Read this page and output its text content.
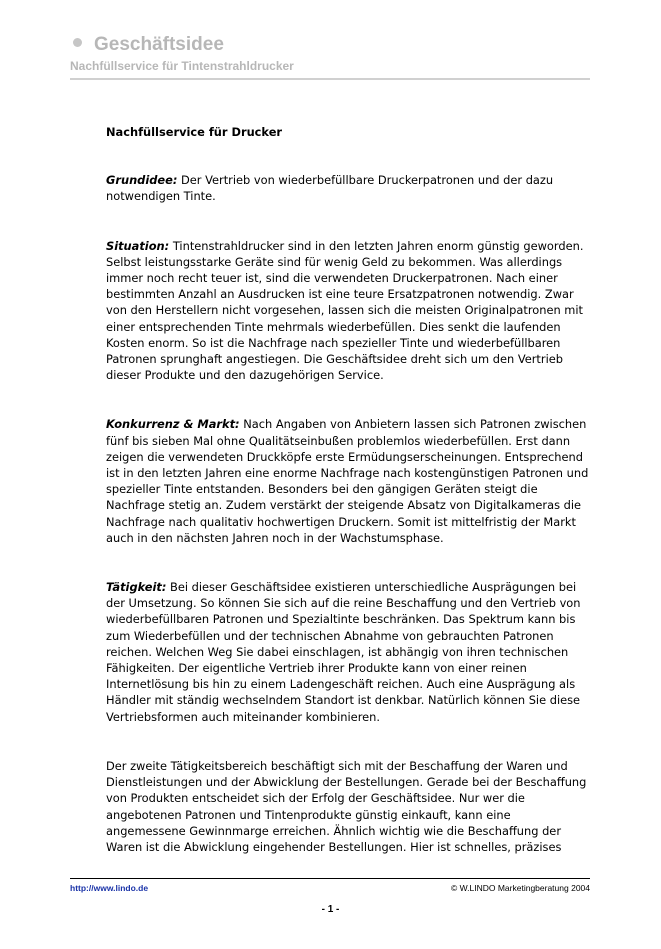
Geschäftsidee
Nachfüllservice für Tintenstrahldrucker
Nachfüllservice für Drucker

Grundidee: Der Vertrieb von wiederbefüllbare Druckerpatronen und der dazu notwendigen Tinte.

Situation: Tintenstrahldrucker sind in den letzten Jahren enorm günstig geworden. Selbst leistungsstarke Geräte sind für wenig Geld zu bekommen. Was allerdings immer noch recht teuer ist, sind die verwendeten Druckerpatronen. Nach einer bestimmten Anzahl an Ausdrucken ist eine teure Ersatzpatronen notwendig. Zwar von den Herstellern nicht vorgesehen, lassen sich die meisten Originalpatronen mit einer entsprechenden Tinte mehrmals wiederbefüllen. Dies senkt die laufenden Kosten enorm. So ist die Nachfrage nach spezieller Tinte und wiederbefüllbaren Patronen sprunghaft angestiegen. Die Geschäftsidee dreht sich um den Vertrieb dieser Produkte und den dazugehörigen Service.

Konkurrenz & Markt: Nach Angaben von Anbietern lassen sich Patronen zwischen fünf bis sieben Mal ohne Qualitätseinbußen problemlos wiederbefüllen. Erst dann zeigen die verwendeten Druckköpfe erste Ermüdungserscheinungen. Entsprechend ist in den letzten Jahren eine enorme Nachfrage nach kostengünstigen Patronen und spezieller Tinte entstanden. Besonders bei den gängigen Geräten steigt die Nachfrage stetig an. Zudem verstärkt der steigende Absatz von Digitalkameras die Nachfrage nach qualitativ hochwertigen Druckern. Somit ist mittelfristig der Markt auch in den nächsten Jahren noch in der Wachstumsphase.

Tätigkeit: Bei dieser Geschäftsidee existieren unterschiedliche Ausprägungen bei der Umsetzung. So können Sie sich auf die reine Beschaffung und den Vertrieb von wiederbefüllbaren Patronen und Spezialtinte beschränken. Das Spektrum kann bis zum Wiederbefüllen und der technischen Abnahme von gebrauchten Patronen reichen. Welchen Weg Sie dabei einschlagen, ist abhängig von ihren technischen Fähigkeiten. Der eigentliche Vertrieb ihrer Produkte kann von einer reinen Internetlösung bis hin zu einem Ladengeschäft reichen. Auch eine Ausprägung als Händler mit ständig wechselndem Standort ist denkbar. Natürlich können Sie diese Vertriebsformen auch miteinander kombinieren.

Der zweite Tätigkeitsbereich beschäftigt sich mit der Beschaffung der Waren und Dienstleistungen und der Abwicklung der Bestellungen. Gerade bei der Beschaffung von Produkten entscheidet sich der Erfolg der Geschäftsidee. Nur wer die angebotenen Patronen und Tintenprodukte günstig einkauft, kann eine angemessene Gewinnmarge erreichen. Ähnlich wichtig wie die Beschaffung der Waren ist die Abwicklung eingehender Bestellungen. Hier ist schnelles, präzises

http://www.lindo.de	© W.LINDO Marketingberatung 2004
- 1 -
